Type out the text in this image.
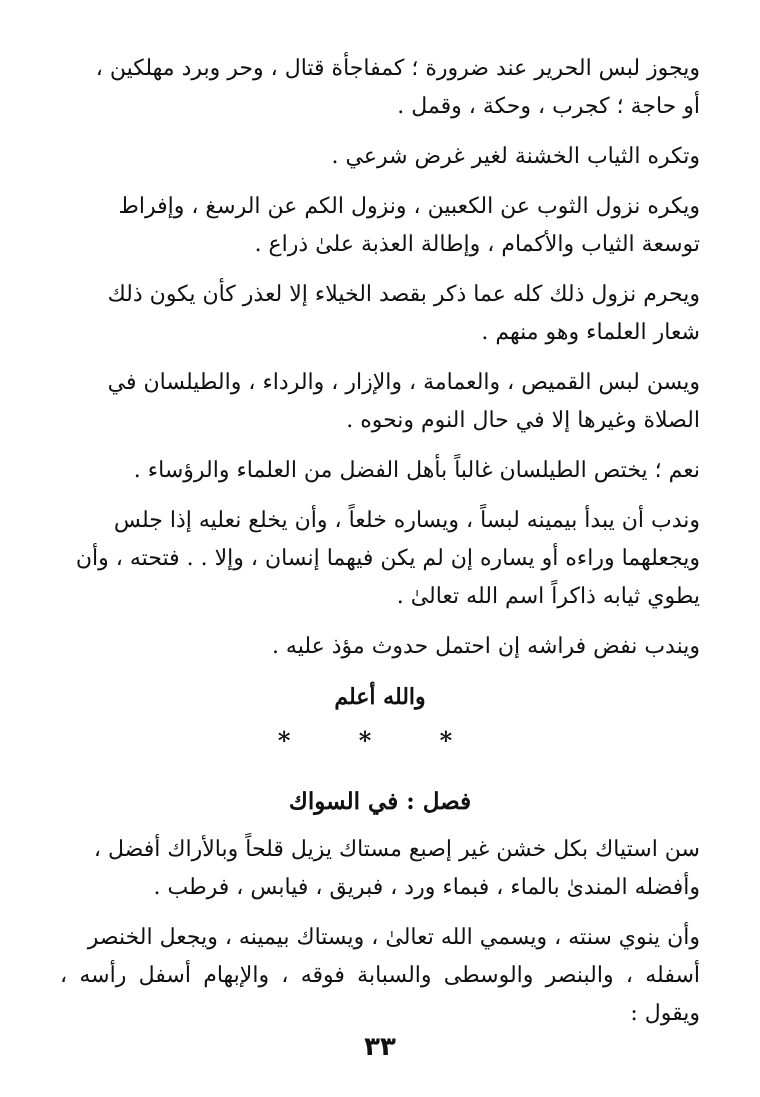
ويجوز لبس الحرير عند ضرورة ؛ كمفاجأة قتال ، وحر وبرد مهلكين ،
أو حاجة ؛ كجرب ، وحكة ، وقمل .

وتكره الثياب الخشنة لغير غرض شرعي .

ويكره نزول الثوب عن الكعبين ، ونزول الكم عن الرسغ ، وإفراط
توسعة الثياب والأكمام ، وإطالة العذبة علىٰ ذراع .

ويحرم نزول ذلك كله عما ذكر بقصد الخيلاء إلا لعذر كأن يكون ذلك
شعار العلماء وهو منهم .

ويسن لبس القميص ، والعمامة ، والإزار ، والرداء ، والطيلسان في
الصلاة وغيرها إلا في حال النوم ونحوه .

نعم ؛ يختص الطيلسان غالباً بأهل الفضل من العلماء والرؤساء .

وندب أن يبدأ بيمينه لبساً ، ويساره خلعاً ، وأن يخلع نعليه إذا جلس
ويجعلهما وراءه أو يساره إن لم يكن فيهما إنسان ، وإلا . . فتحته ، وأن
يطوي ثيابه ذاكراً اسم الله تعالىٰ .

ويندب نفض فراشه إن احتمل حدوث مؤذ عليه .

والله أعلم
* * *
فصل : في السواك

سن استياك بكل خشن غير إصبع مستاك يزيل قلحاً وبالأراك أفضل ،
وأفضله المندىٰ بالماء ، فبماء ورد ، فبريق ، فيابس ، فرطب .

وأن ينوي سنته ، ويسمي الله تعالىٰ ، ويستاك بيمينه ، ويجعل الخنصر
أسفله ، والبنصر والوسطى والسبابة فوقه ، والإبهام أسفل رأسه ، ويقول :

٣٣
